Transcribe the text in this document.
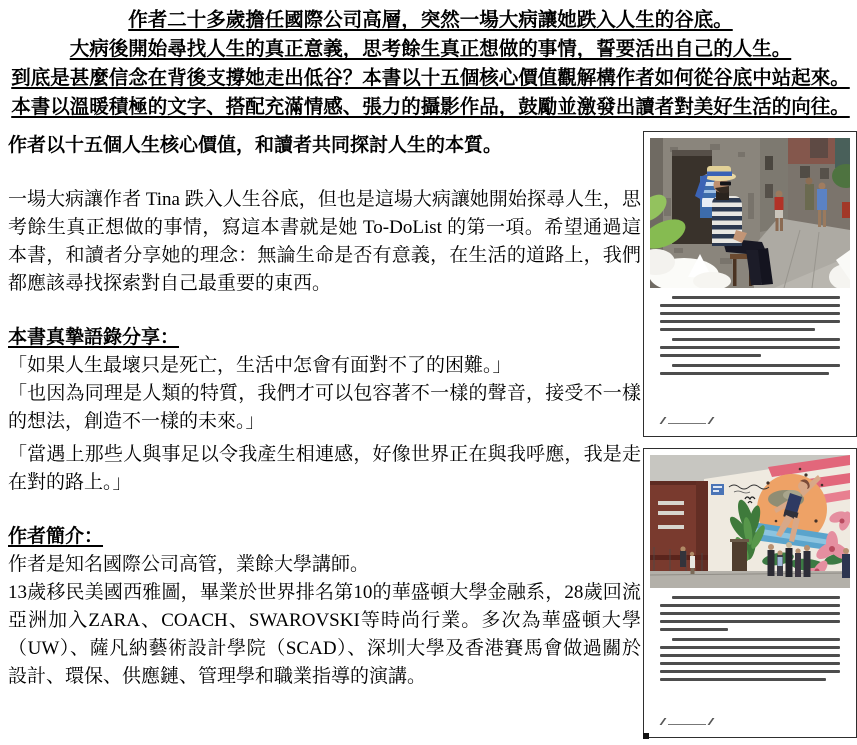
作者二十多歲擔任國際公司高層，突然一場大病讓她跌入人生的谷底。
大病後開始尋找人生的真正意義，思考餘生真正想做的事情，誓要活出自己的人生。
到底是甚麼信念在背後支撐她走出低谷？本書以十五個核心價值觀解構作者如何從谷底中站起來。
本書以溫暖積極的文字、搭配充滿情感、張力的攝影作品，鼓勵並激發出讀者對美好生活的向往。

作者以十五個人生核心價值，和讀者共同探討人生的本質。

一場大病讓作者 Tina 跌入人生谷底，但也是這場大病讓她開始探尋人生，思考餘生真正想做的事情，寫這本書就是她 To-DoList 的第一項。希望通過這本書，和讀者分享她的理念：無論生命是否有意義，在生活的道路上，我們都應該尋找探索對自己最重要的東西。

本書真摯語錄分享：

「如果人生最壞只是死亡，生活中怎會有面對不了的困難。」

「也因為同理是人類的特質，我們才可以包容著不一樣的聲音，接受不一樣的想法，創造不一樣的未來。」

「當遇上那些人與事足以令我產生相連感，好像世界正在與我呼應，我是走在對的路上。」

作者簡介：

作者是知名國際公司高管，業餘大學講師。

13歲移民美國西雅圖，畢業於世界排名第10的華盛頓大學金融系，28歲回流亞洲加入ZARA、COACH、SWAROVSKI等時尚行業。多次為華盛頓大學（UW）、薩凡納藝術設計學院（SCAD）、深圳大學及香港賽馬會做過關於設計、環保、供應鏈、管理學和職業指導的演講。
